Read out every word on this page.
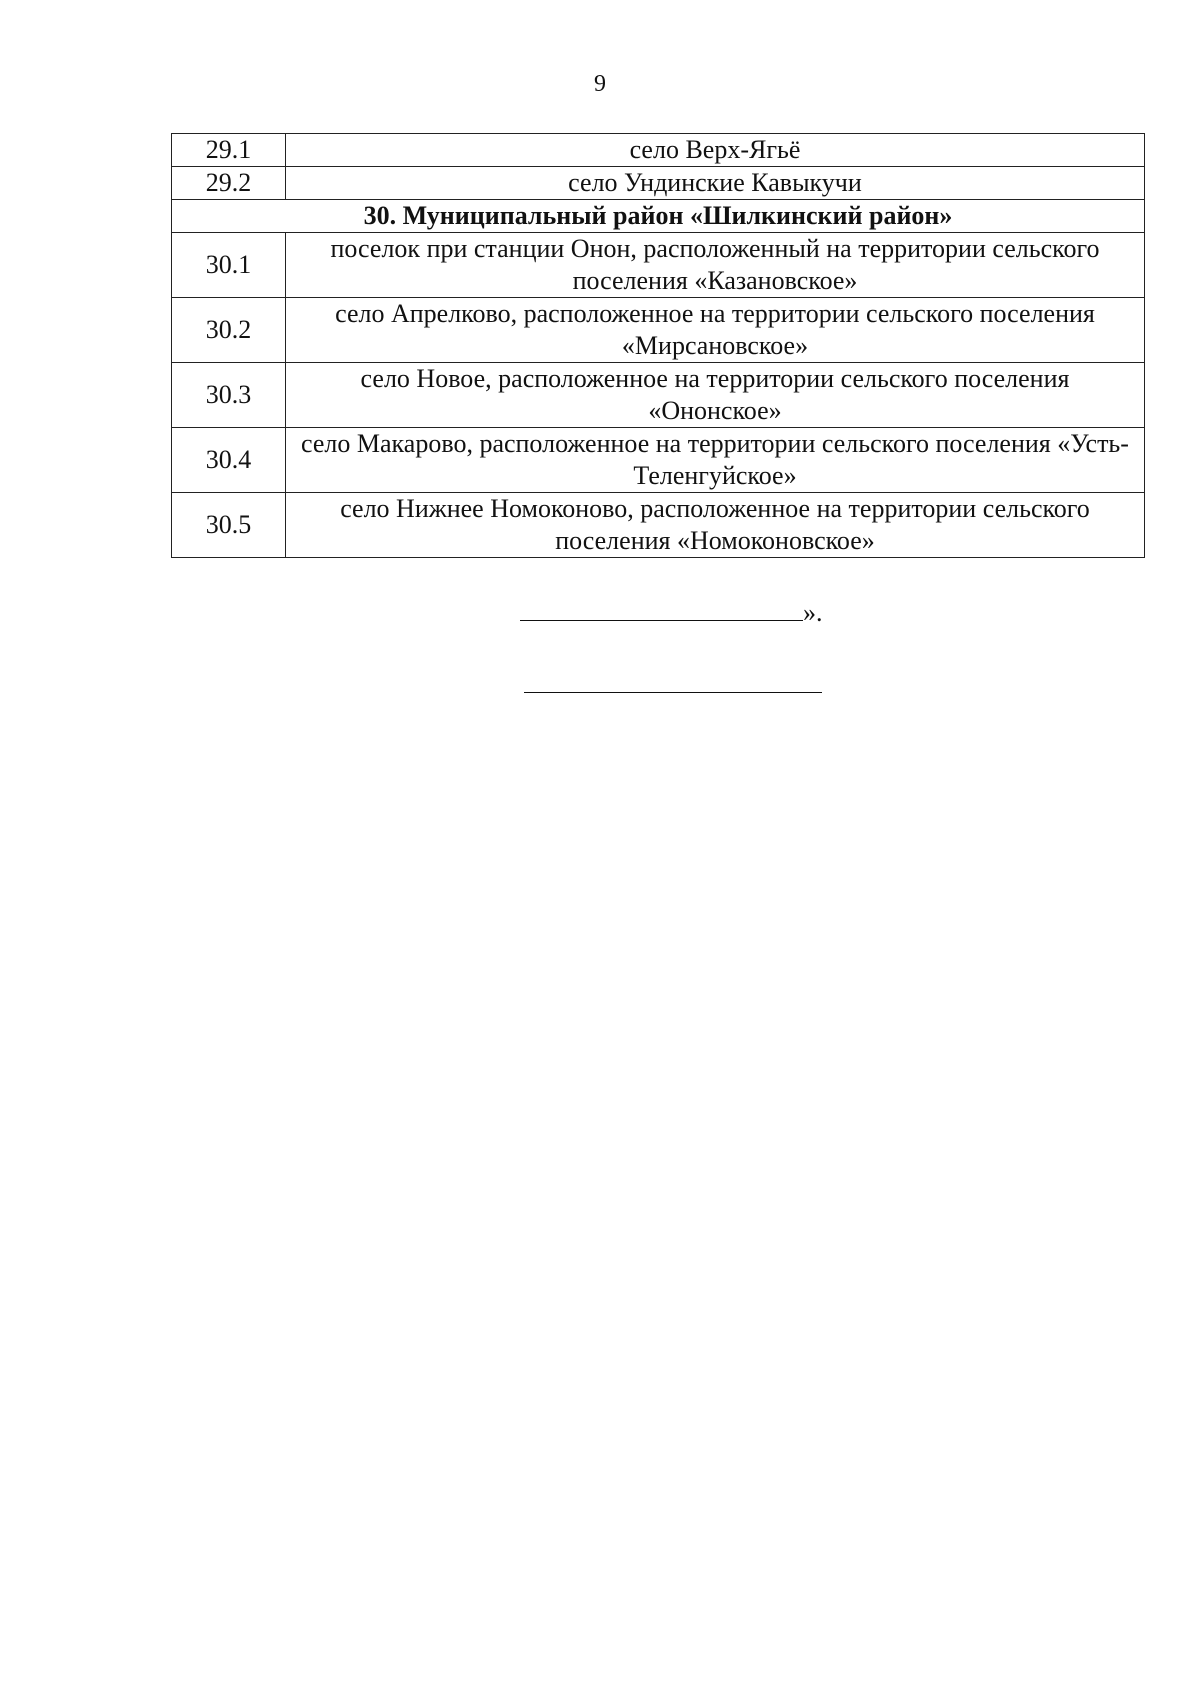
9
29.1	село Верх-Ягьё
29.2	село Ундинские Кавыкучи
30. Муниципальный район «Шилкинский район»	
30.1	поселок при станции Онон, расположенный на территории сельского поселения «Казановское»
30.2	село Апрелково, расположенное на территории сельского поселения «Мирсановское»
30.3	село Новое, расположенное на территории сельского поселения «Ононское»
30.4	село Макарово, расположенное на территории сельского поселения «Усть-Теленгуйское»
30.5	село Нижнее Номоконово, расположенное на территории сельского поселения «Номоконовское»
».
